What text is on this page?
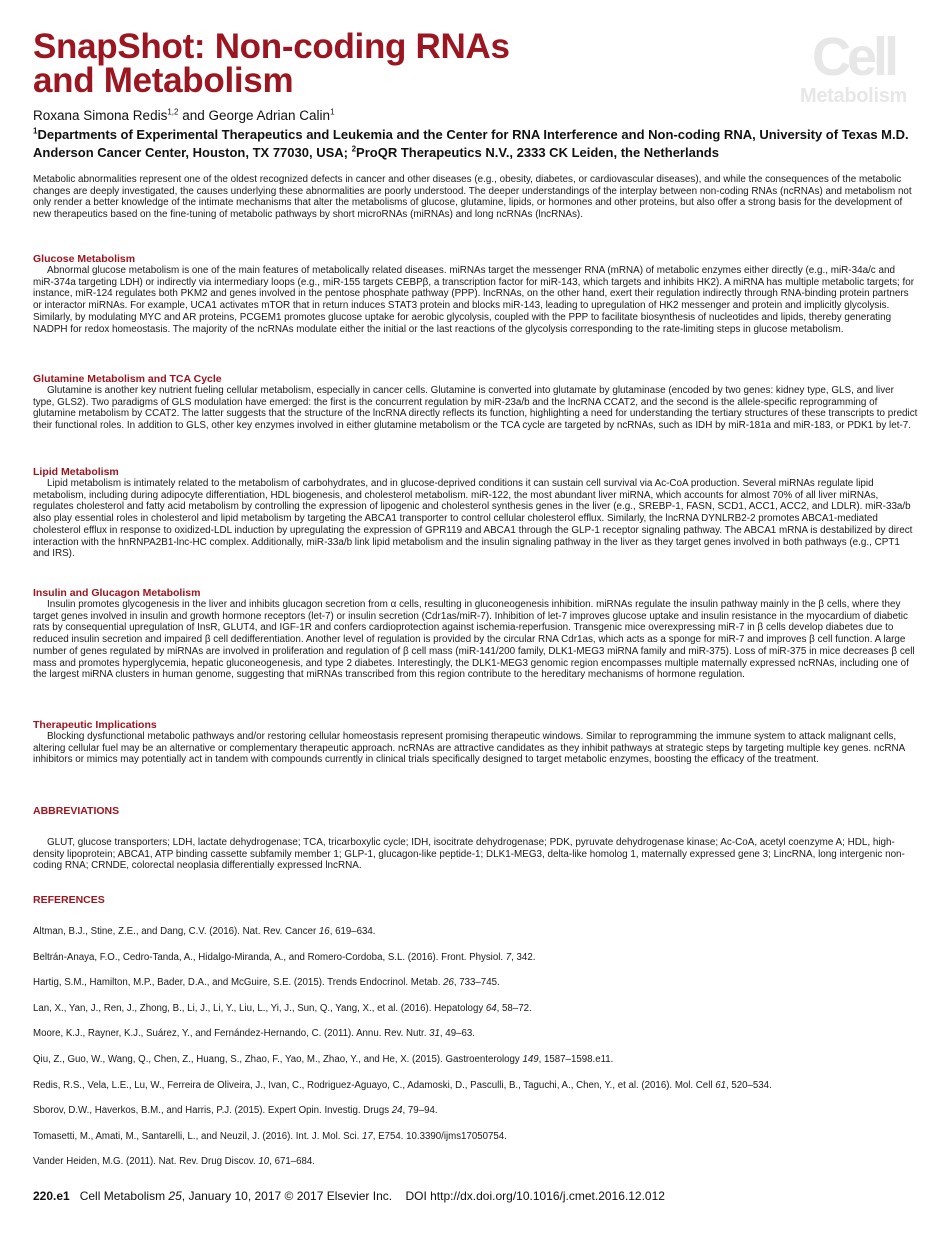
SnapShot: Non-coding RNAs
and Metabolism	Cell
Metabolism
Roxana Simona Redis$^{1,2}$ and George Adrian Calin$^1$
$^1$Departments of Experimental Therapeutics and Leukemia and the Center for RNA Interference and Non-coding RNA, University of Texas M.D. Anderson Cancer Center, Houston, TX 77030, USA; $^2$ProQR Therapeutics N.V., 2333 CK Leiden, the Netherlands

Metabolic abnormalities represent one of the oldest recognized defects in cancer and other diseases (e.g., obesity, diabetes, or cardiovascular diseases), and while the consequences of the metabolic changes are deeply investigated, the causes underlying these abnormalities are poorly understood. The deeper understandings of the interplay between non-coding RNAs (ncRNAs) and metabolism not only render a better knowledge of the intimate mechanisms that alter the metabolisms of glucose, glutamine, lipids, or hormones and other proteins, but also offer a strong basis for the development of new therapeutics based on the fine-tuning of metabolic pathways by short microRNAs (miRNAs) and long ncRNAs (lncRNAs).

Glucose Metabolism

Abnormal glucose metabolism is one of the main features of metabolically related diseases. miRNAs target the messenger RNA (mRNA) of metabolic enzymes either directly (e.g., miR-34a/c and miR-374a targeting LDH) or indirectly via intermediary loops (e.g., miR-155 targets CEBPβ, a transcription factor for miR-143, which targets and inhibits HK2). A miRNA has multiple metabolic targets; for instance, miR-124 regulates both PKM2 and genes involved in the pentose phosphate pathway (PPP). lncRNAs, on the other hand, exert their regulation indirectly through RNA-binding protein partners or interactor miRNAs. For example, UCA1 activates mTOR that in return induces STAT3 protein and blocks miR-143, leading to upregulation of HK2 messenger and protein and implicitly glycolysis. Similarly, by modulating MYC and AR proteins, PCGEM1 promotes glucose uptake for aerobic glycolysis, coupled with the PPP to facilitate biosynthesis of nucleotides and lipids, thereby generating NADPH for redox homeostasis. The majority of the ncRNAs modulate either the initial or the last reactions of the glycolysis corresponding to the rate-limiting steps in glucose metabolism.

Glutamine Metabolism and TCA Cycle

Glutamine is another key nutrient fueling cellular metabolism, especially in cancer cells. Glutamine is converted into glutamate by glutaminase (encoded by two genes: kidney type, GLS, and liver type, GLS2). Two paradigms of GLS modulation have emerged: the first is the concurrent regulation by miR-23a/b and the lncRNA CCAT2, and the second is the allele-specific reprogramming of glutamine metabolism by CCAT2. The latter suggests that the structure of the lncRNA directly reflects its function, highlighting a need for understanding the tertiary structures of these transcripts to predict their functional roles. In addition to GLS, other key enzymes involved in either glutamine metabolism or the TCA cycle are targeted by ncRNAs, such as IDH by miR-181a and miR-183, or PDK1 by let-7.

Lipid Metabolism

Lipid metabolism is intimately related to the metabolism of carbohydrates, and in glucose-deprived conditions it can sustain cell survival via Ac-CoA production. Several miRNAs regulate lipid metabolism, including during adipocyte differentiation, HDL biogenesis, and cholesterol metabolism. miR-122, the most abundant liver miRNA, which accounts for almost 70% of all liver miRNAs, regulates cholesterol and fatty acid metabolism by controlling the expression of lipogenic and cholesterol synthesis genes in the liver (e.g., SREBP-1, FASN, SCD1, ACC1, ACC2, and LDLR). miR-33a/b also play essential roles in cholesterol and lipid metabolism by targeting the ABCA1 transporter to control cellular cholesterol efflux. Similarly, the lncRNA DYNLRB2-2 promotes ABCA1-mediated cholesterol efflux in response to oxidized-LDL induction by upregulating the expression of GPR119 and ABCA1 through the GLP-1 receptor signaling pathway. The ABCA1 mRNA is destabilized by direct interaction with the hnRNPA2B1-lnc-HC complex. Additionally, miR-33a/b link lipid metabolism and the insulin signaling pathway in the liver as they target genes involved in both pathways (e.g., CPT1 and IRS).

Insulin and Glucagon Metabolism

Insulin promotes glycogenesis in the liver and inhibits glucagon secretion from α cells, resulting in gluconeogenesis inhibition. miRNAs regulate the insulin pathway mainly in the β cells, where they target genes involved in insulin and growth hormone receptors (let-7) or insulin secretion (Cdr1as/miR-7). Inhibition of let-7 improves glucose uptake and insulin resistance in the myocardium of diabetic rats by consequential upregulation of InsR, GLUT4, and IGF-1R and confers cardioprotection against ischemia-reperfusion. Transgenic mice overexpressing miR-7 in β cells develop diabetes due to reduced insulin secretion and impaired β cell dedifferentiation. Another level of regulation is provided by the circular RNA Cdr1as, which acts as a sponge for miR-7 and improves β cell function. A large number of genes regulated by miRNAs are involved in proliferation and regulation of β cell mass (miR-141/200 family, DLK1-MEG3 miRNA family and miR-375). Loss of miR-375 in mice decreases β cell mass and promotes hyperglycemia, hepatic gluconeogenesis, and type 2 diabetes. Interestingly, the DLK1-MEG3 genomic region encompasses multiple maternally expressed ncRNAs, including one of the largest miRNA clusters in human genome, suggesting that miRNAs transcribed from this region contribute to the hereditary mechanisms of hormone regulation.

Therapeutic Implications

Blocking dysfunctional metabolic pathways and/or restoring cellular homeostasis represent promising therapeutic windows. Similar to reprogramming the immune system to attack malignant cells, altering cellular fuel may be an alternative or complementary therapeutic approach. ncRNAs are attractive candidates as they inhibit pathways at strategic steps by targeting multiple key genes. ncRNA inhibitors or mimics may potentially act in tandem with compounds currently in clinical trials specifically designed to target metabolic enzymes, boosting the efficacy of the treatment.

ABBREVIATIONS

GLUT, glucose transporters; LDH, lactate dehydrogenase; TCA, tricarboxylic cycle; IDH, isocitrate dehydrogenase; PDK, pyruvate dehydrogenase kinase; Ac-CoA, acetyl coenzyme A; HDL, high-density lipoprotein; ABCA1, ATP binding cassette subfamily member 1; GLP-1, glucagon-like peptide-1; DLK1-MEG3, delta-like homolog 1, maternally expressed gene 3; LincRNA, long intergenic non-coding RNA; CRNDE, colorectal neoplasia differentially expressed lncRNA.

REFERENCES
Altman, B.J., Stine, Z.E., and Dang, C.V. (2016). Nat. Rev. Cancer 16, 619–634.
Beltrán-Anaya, F.O., Cedro-Tanda, A., Hidalgo-Miranda, A., and Romero-Cordoba, S.L. (2016). Front. Physiol. 7, 342.
Hartig, S.M., Hamilton, M.P., Bader, D.A., and McGuire, S.E. (2015). Trends Endocrinol. Metab. 26, 733–745.
Lan, X., Yan, J., Ren, J., Zhong, B., Li, J., Li, Y., Liu, L., Yi, J., Sun, Q., Yang, X., et al. (2016). Hepatology 64, 58–72.
Moore, K.J., Rayner, K.J., Suárez, Y., and Fernández-Hernando, C. (2011). Annu. Rev. Nutr. 31, 49–63.
Qiu, Z., Guo, W., Wang, Q., Chen, Z., Huang, S., Zhao, F., Yao, M., Zhao, Y., and He, X. (2015). Gastroenterology 149, 1587–1598.e11.
Redis, R.S., Vela, L.E., Lu, W., Ferreira de Oliveira, J., Ivan, C., Rodriguez-Aguayo, C., Adamoski, D., Pasculli, B., Taguchi, A., Chen, Y., et al. (2016). Mol. Cell 61, 520–534.
Sborov, D.W., Haverkos, B.M., and Harris, P.J. (2015). Expert Opin. Investig. Drugs 24, 79–94.
Tomasetti, M., Amati, M., Santarelli, L., and Neuzil, J. (2016). Int. J. Mol. Sci. 17, E754. 10.3390/ijms17050754.
Vander Heiden, M.G. (2011). Nat. Rev. Drug Discov. 10, 671–684.
220.e1 Cell Metabolism 25, January 10, 2017 © 2017 Elsevier Inc. DOI http://dx.doi.org/10.1016/j.cmet.2016.12.012
